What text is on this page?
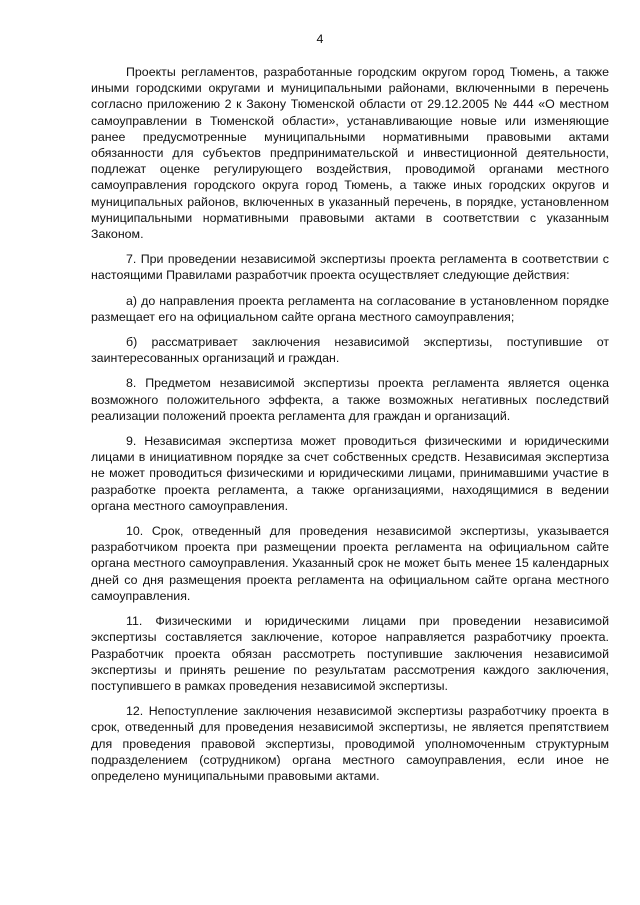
4

Проекты регламентов, разработанные городским округом город Тюмень, а также иными городскими округами и муниципальными районами, включенными в перечень согласно приложению 2 к Закону Тюменской области от 29.12.2005 № 444 «О местном самоуправлении в Тюменской области», устанавливающие новые или изменяющие ранее предусмотренные муниципальными нормативными правовыми актами обязанности для субъектов предпринимательской и инвестиционной деятельности, подлежат оценке регулирующего воздействия, проводимой органами местного самоуправления городского округа город Тюмень, а также иных городских округов и муниципальных районов, включенных в указанный перечень, в порядке, установленном муниципальными нормативными правовыми актами в соответствии с указанным Законом.

7. При проведении независимой экспертизы проекта регламента в соответствии с настоящими Правилами разработчик проекта осуществляет следующие действия:

а) до направления проекта регламента на согласование в установленном порядке размещает его на официальном сайте органа местного самоуправления;

б) рассматривает заключения независимой экспертизы, поступившие от заинтересованных организаций и граждан.

8. Предметом независимой экспертизы проекта регламента является оценка возможного положительного эффекта, а также возможных негативных последствий реализации положений проекта регламента для граждан и организаций.

9. Независимая экспертиза может проводиться физическими и юридическими лицами в инициативном порядке за счет собственных средств. Независимая экспертиза не может проводиться физическими и юридическими лицами, принимавшими участие в разработке проекта регламента, а также организациями, находящимися в ведении органа местного самоуправления.

10. Срок, отведенный для проведения независимой экспертизы, указывается разработчиком проекта при размещении проекта регламента на официальном сайте органа местного самоуправления. Указанный срок не может быть менее 15 календарных дней со дня размещения проекта регламента на официальном сайте органа местного самоуправления.

11. Физическими и юридическими лицами при проведении независимой экспертизы составляется заключение, которое направляется разработчику проекта. Разработчик проекта обязан рассмотреть поступившие заключения независимой экспертизы и принять решение по результатам рассмотрения каждого заключения, поступившего в рамках проведения независимой экспертизы.

12. Непоступление заключения независимой экспертизы разработчику проекта в срок, отведенный для проведения независимой экспертизы, не является препятствием для проведения правовой экспертизы, проводимой уполномоченным структурным подразделением (сотрудником) органа местного самоуправления, если иное не определено муниципальными правовыми актами.
